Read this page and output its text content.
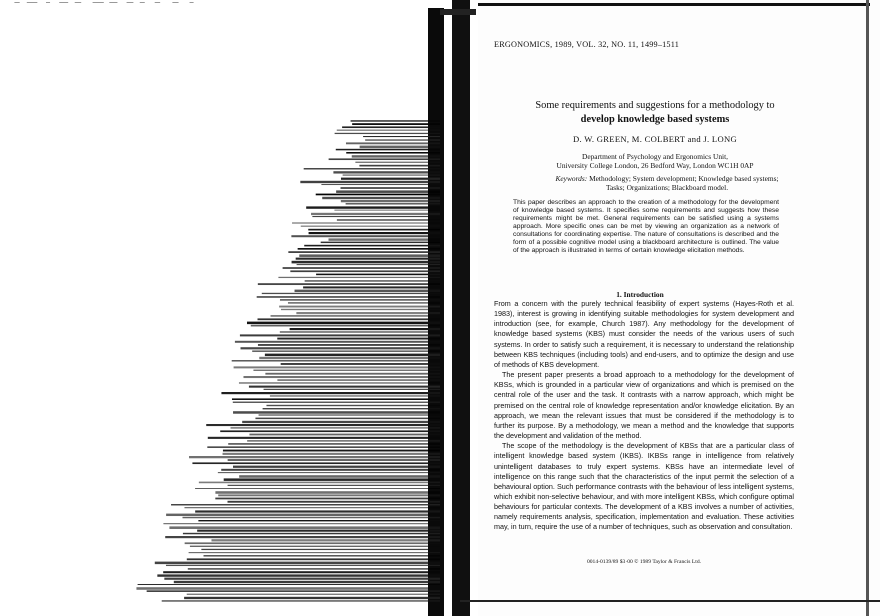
ERGONOMICS, 1989, VOL. 32, NO. 11, 1499–1511
Some requirements and suggestions for a methodology to
develop knowledge based systems
D. W. GREEN, M. COLBERT and J. LONG
Department of Psychology and Ergonomics Unit,
University College London, 26 Bedford Way, London WC1H 0AP
Keywords: Methodology; System development; Knowledge based systems;
Tasks; Organizations; Blackboard model.
This paper describes an approach to the creation of a methodology for the development of knowledge based systems. It specifies some requirements and suggests how these requirements might be met. General requirements can be satisfied using a systems approach. More specific ones can be met by viewing an organization as a network of consultations for coordinating expertise. The nature of consultations is described and the form of a possible cognitive model using a blackboard architecture is outlined. The value of the approach is illustrated in terms of certain knowledge elicitation methods.
1. Introduction

From a concern with the purely technical feasibility of expert systems (Hayes-Roth et al. 1983), interest is growing in identifying suitable methodologies for system development and introduction (see, for example, Church 1987). Any methodology for the development of knowledge based systems (KBS) must consider the needs of the various users of such systems. In order to satisfy such a requirement, it is necessary to understand the relationship between KBS techniques (including tools) and end-users, and to optimize the design and use of methods of KBS development.

The present paper presents a broad approach to a methodology for the development of KBSs, which is grounded in a particular view of organizations and which is premised on the central role of the user and the task. It contrasts with a narrow approach, which might be premised on the central role of knowledge representation and/or knowledge elicitation. By an approach, we mean the relevant issues that must be considered if the methodology is to further its purpose. By a methodology, we mean a method and the knowledge that supports the development and validation of the method.

The scope of the methodology is the development of KBSs that are a particular class of intelligent knowledge based system (IKBS). IKBSs range in intelligence from relatively unintelligent databases to truly expert systems. KBSs have an intermediate level of intelligence on this range such that the characteristics of the input permit the selection of a behavioural option. Such performance contrasts with the behaviour of less intelligent systems, which exhibit non-selective behaviour, and with more intelligent KBSs, which configure optimal behaviours for particular contexts. The development of a KBS involves a number of activities, namely requirements analysis, specification, implementation and evaluation. These activities may, in turn, require the use of a number of techniques, such as observation and consultation.

0014-0139/89 $3·00 © 1989 Taylor & Francis Ltd.
